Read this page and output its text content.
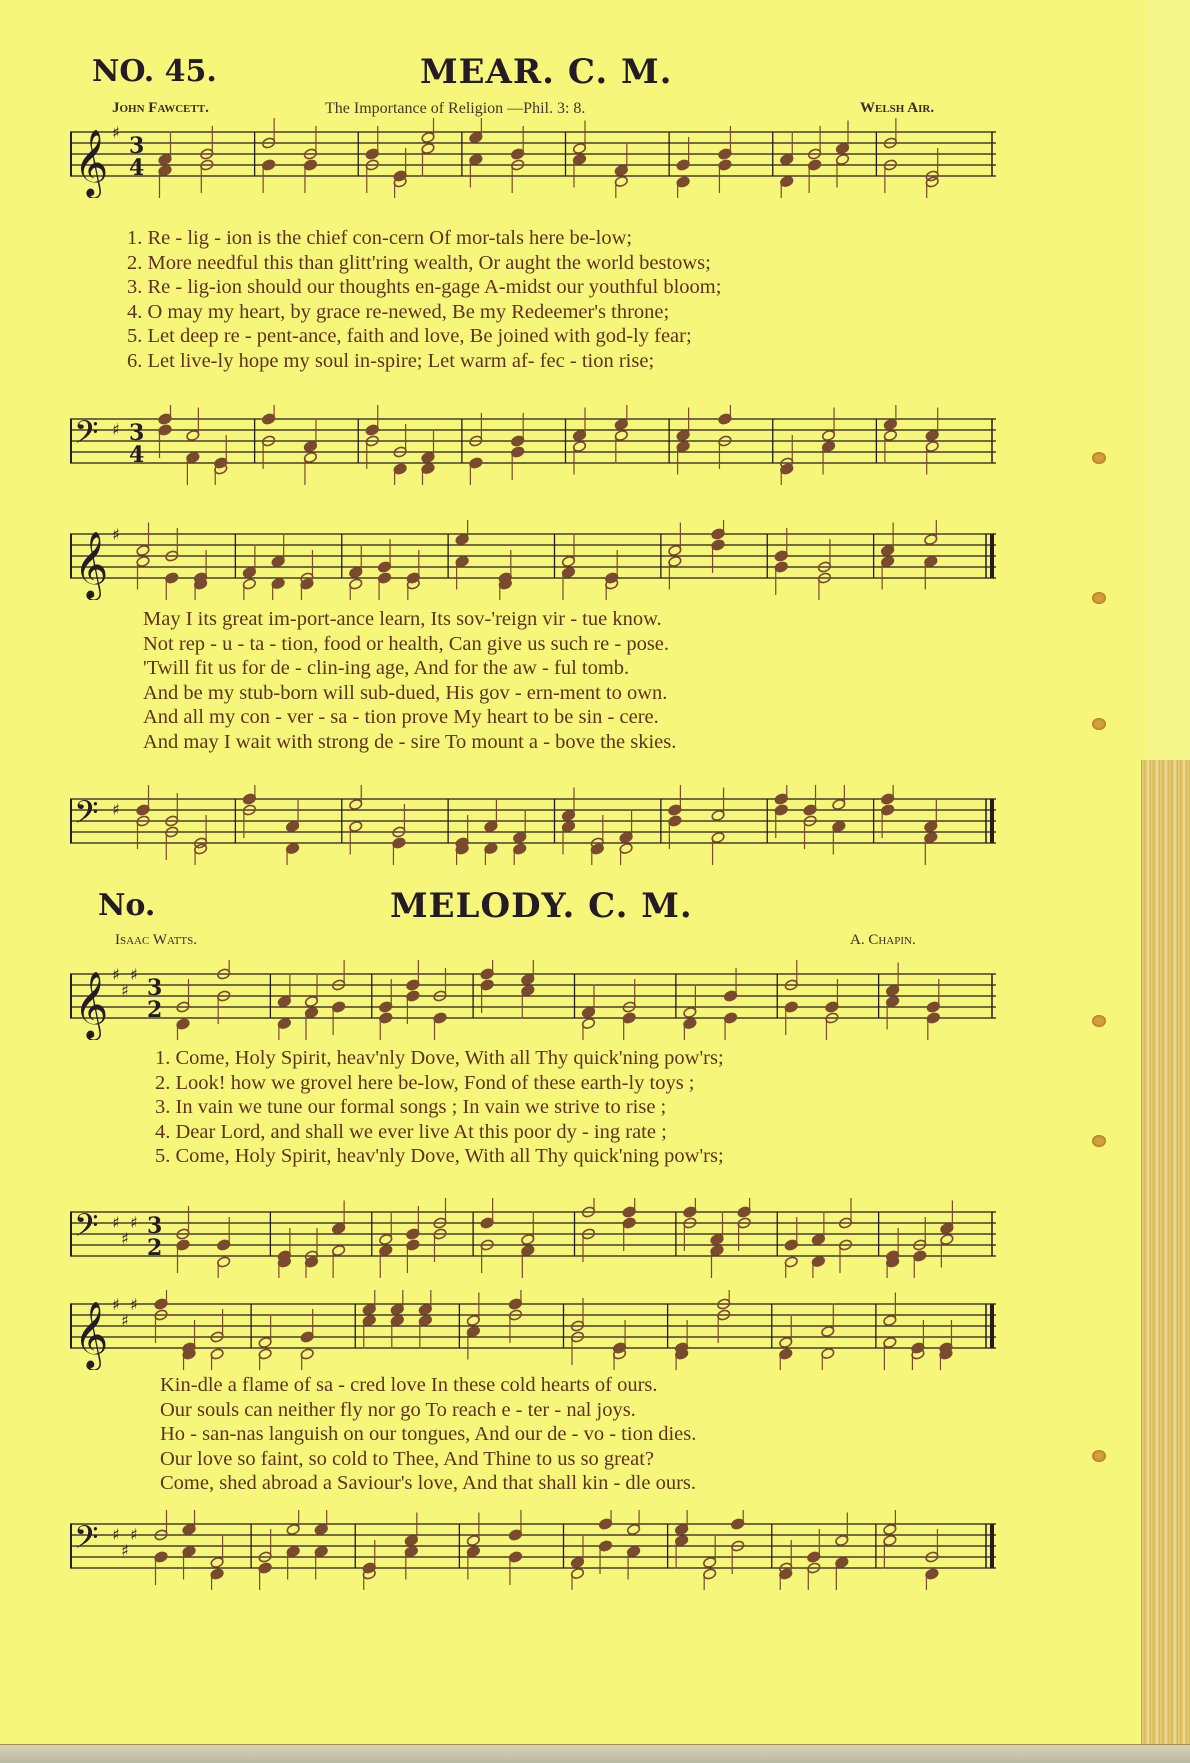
NO. 45.	MEAR. C. M.
John Fawcett.	The Importance of Religion —Phil. 3: 8.	Welsh Air.
𝄞 ♯
3
4
1. Re - lig - ion is the chief con-cern Of mor-tals here be-low;
2. More needful this than glitt'ring wealth, Or aught the world bestows;
3. Re - lig-ion should our thoughts en-gage A-midst our youthful bloom;
4. O may my heart, by grace re-newed, Be my Redeemer's throne;
5. Let deep re - pent-ance, faith and love, Be joined with god-ly fear;
6. Let live-ly hope my soul in-spire; Let warm af- fec - tion rise;
𝄢 ♯ 3
4
𝄞 ♯
May I its great im-port-ance learn, Its sov-'reign vir - tue know.
Not rep - u - ta - tion, food or health, Can give us such re - pose.
'Twill fit us for de - clin-ing age, And for the aw - ful tomb.
And be my stub-born will sub-dued, His gov - ern-ment to own.
And all my con - ver - sa - tion prove My heart to be sin - cere.
And may I wait with strong de - sire To mount a - bove the skies.
𝄢 ♯
No.	MELODY. C. M.
Isaac Watts.	A. Chapin.
𝄞 ♯
♯
♯
3
2
1. Come, Holy Spirit, heav'nly Dove, With all Thy quick'ning pow'rs;
2. Look! how we grovel here be-low, Fond of these earth-ly toys ;
3. In vain we tune our formal songs ; In vain we strive to rise ;
4. Dear Lord, and shall we ever live At this poor dy - ing rate ;
5. Come, Holy Spirit, heav'nly Dove, With all Thy quick'ning pow'rs;
𝄢 ♯
♯
♯ 3
2
𝄞 ♯
♯
♯
Kin-dle a flame of sa - cred love In these cold hearts of ours.
Our souls can neither fly nor go To reach e - ter - nal joys.
Ho - san-nas languish on our tongues, And our de - vo - tion dies.
Our love so faint, so cold to Thee, And Thine to us so great?
Come, shed abroad a Saviour's love, And that shall kin - dle ours.
𝄢 ♯
♯
♯
